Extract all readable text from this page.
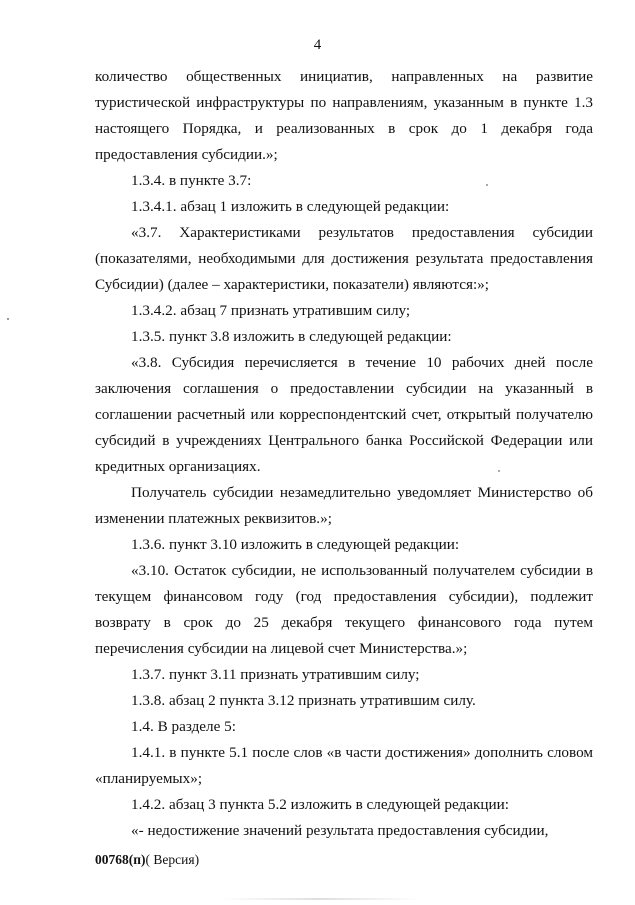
4

количество общественных инициатив, направленных на развитие туристической инфраструктуры по направлениям, указанным в пункте 1.3 настоящего Порядка, и реализованных в срок до 1 декабря года предоставления субсидии.»;

1.3.4. в пункте 3.7:

1.3.4.1. абзац 1 изложить в следующей редакции:

«3.7. Характеристиками результатов предоставления субсидии (показателями, необходимыми для достижения результата предоставления Субсидии) (далее – характеристики, показатели) являются:»;

1.3.4.2. абзац 7 признать утратившим силу;

1.3.5. пункт 3.8 изложить в следующей редакции:

«3.8. Субсидия перечисляется в течение 10 рабочих дней после заключения соглашения о предоставлении субсидии на указанный в соглашении расчетный или корреспондентский счет, открытый получателю субсидий в учреждениях Центрального банка Российской Федерации или кредитных организациях.

Получатель субсидии незамедлительно уведомляет Министерство об изменении платежных реквизитов.»;

1.3.6. пункт 3.10 изложить в следующей редакции:

«3.10. Остаток субсидии, не использованный получателем субсидии в текущем финансовом году (год предоставления субсидии), подлежит возврату в срок до 25 декабря текущего финансового года путем перечисления субсидии на лицевой счет Министерства.»;

1.3.7. пункт 3.11 признать утратившим силу;

1.3.8. абзац 2 пункта 3.12 признать утратившим силу.

1.4. В разделе 5:

1.4.1. в пункте 5.1 после слов «в части достижения» дополнить словом «планируемых»;

1.4.2. абзац 3 пункта 5.2 изложить в следующей редакции:

«- недостижение значений результата предоставления субсидии,

00768(п)( Версия)
